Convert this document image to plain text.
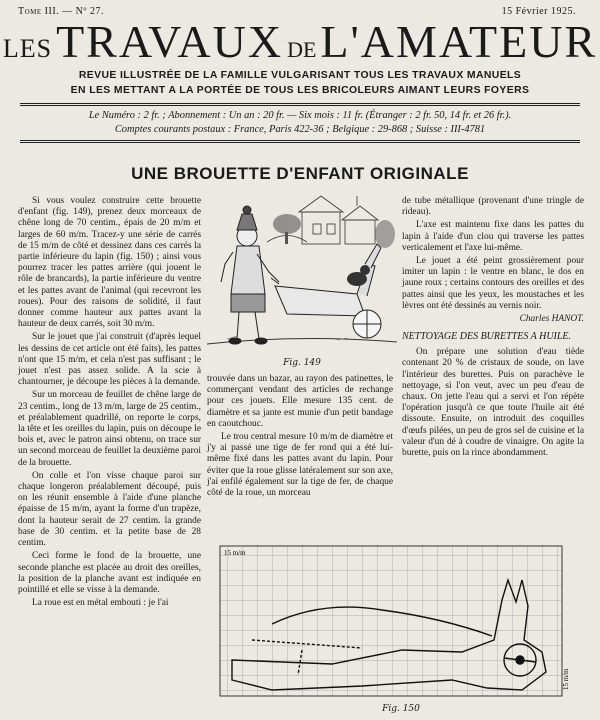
Tome III. — Nº 27.	15 Février 1925.
LES TRAVAUX DE L'AMATEUR
REVUE ILLUSTRÉE DE LA FAMILLE VULGARISANT TOUS LES TRAVAUX MANUELS
EN LES METTANT A LA PORTÉE DE TOUS LES BRICOLEURS AIMANT LEURS FOYERS
Le Numéro : 2 fr. ; Abonnement : Un an : 20 fr. — Six mois : 11 fr. (Étranger : 2 fr. 50, 14 fr. et 26 fr.).
Comptes courants postaux : France, Paris 422-36 ; Belgique : 29-868 ; Suisse : III-4781
UNE BROUETTE D'ENFANT ORIGINALE

Si vous voulez construire cette brouette d'enfant (fig. 149), prenez deux morceaux de chêne long de 70 centim., épais de 20 m/m et larges de 60 m/m. Tracez-y une série de carrés de 15 m/m de côté et dessinez dans ces carrés la partie inférieure du lapin (fig. 150) ; ainsi vous pourrez tracer les pattes arrière (qui jouent le rôle de brancards), la partie inférieure du ventre et les pattes avant de l'animal (qui recevront les roues). Pour des raisons de solidité, il faut donner comme hauteur aux pattes avant la hauteur de deux carrés, soit 30 m/m.

Sur le jouet que j'ai construit (d'après lequel les dessins de cet article ont été faits), les pattes n'ont que 15 m/m, et cela n'est pas suffisant ; le jouet n'est pas assez solide. A la scie à chantourner, je découpe les pièces à la demande.

Sur un morceau de feuillet de chêne large de 23 centim., long de 13 m/m, large de 25 centim., et préalablement quadrillé, on reporte le corps, la tête et les oreilles du lapin, puis on découpe le bois et, avec le patron ainsi obtenu, on trace sur un second morceau de feuillet la deuxième paroi de la brouette.

On colle et l'on visse chaque paroi sur chaque longeron préalablement découpé, puis on les réunit ensemble à l'aide d'une planche épaisse de 15 m/m, ayant la forme d'un trapèze, dont la hauteur serait de 27 centim. la grande base de 30 centim. et la petite base de 28 centim.

Ceci forme le fond de la brouette, une seconde planche est placée au droit des oreilles, la position de la planche avant est indiquée en pointillé et elle se visse à la demande.

La roue est en métal embouti : je l'ai

Fig. 149

trouvée dans un bazar, au rayon des patinettes, le commerçant vendant des articles de rechange pour ces jouets. Elle mesure 135 cent. de diamètre et sa jante est munie d'un petit bandage en caoutchouc.

Le trou central mesure 10 m/m de diamètre et j'y ai passé une tige de fer rond qui a été lui-même fixé dans les pattes avant du lapin. Pour éviter que la roue glisse latéralement sur son axe, j'ai enfilé également sur la tige de fer, de chaque côté de la roue, un morceau

de tube métallique (provenant d'une tringle de rideau).

L'axe est maintenu fixe dans les pattes du lapin à l'aide d'un clou qui traverse les pattes verticalement et l'axe lui-même.

Le jouet a été peint grossièrement pour imiter un lapin : le ventre en blanc, le dos en jaune roux ; certains contours des oreilles et des pattes ainsi que les yeux, les moustaches et les lèvres ont été dessinés au vernis noir.

Charles HANOT.
NETTOYAGE DES BURETTES A HUILE.

On prépare une solution d'eau tiède contenant 20 % de cristaux de soude, on lave l'intérieur des burettes. Puis on parachève le nettoyage, si l'on veut, avec un peu d'eau de chaux. On jette l'eau qui a servi et l'on répète l'opération jusqu'à ce que toute l'huile ait été dissoute. Ensuite, on introduit des coquilles d'œufs pilées, un peu de gros sel de cuisine et la valeur d'un dé à coudre de vinaigre. On agite la burette, puis on la rince abondamment.

15 m/m
15 m/m
Fig. 150
